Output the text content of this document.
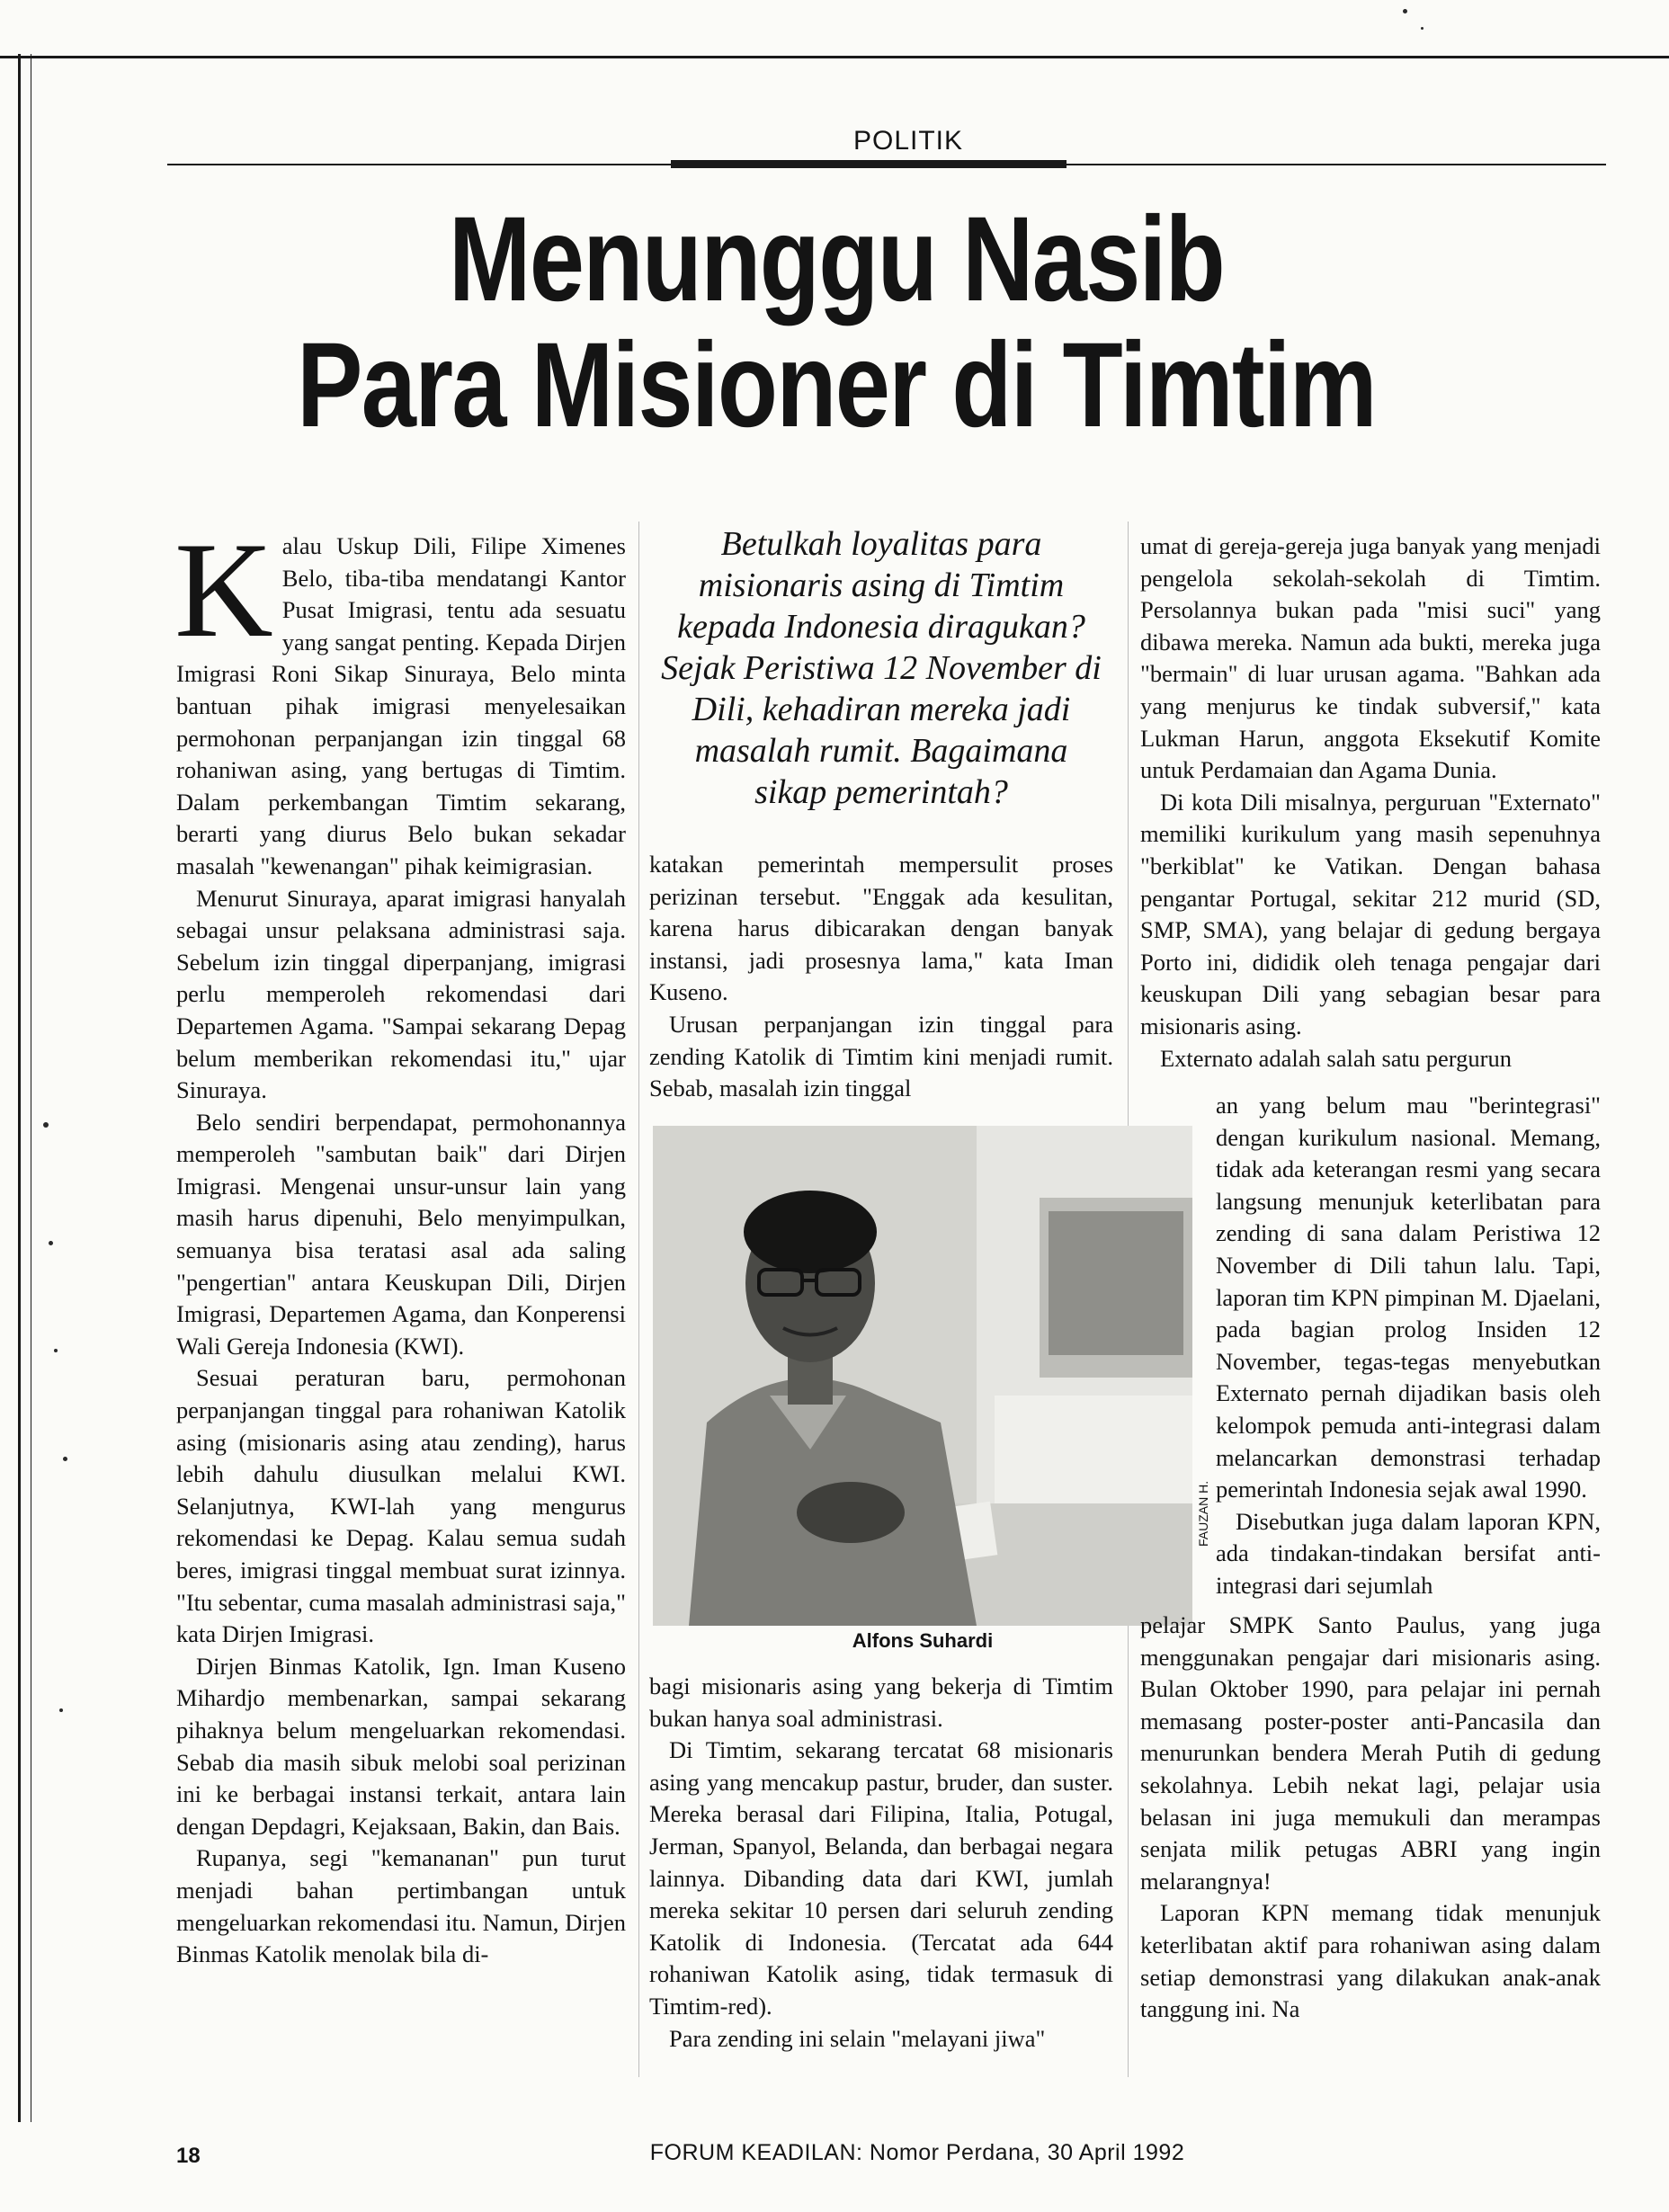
POLITIK
Menunggu Nasib
Para Misioner di Timtim
K alau Uskup Dili, Filipe Ximenes Belo, tiba-tiba mendatangi Kantor Pusat Imigrasi, tentu ada sesuatu yang sangat penting. Kepada Dirjen Imigrasi Roni Sikap Sinuraya, Belo minta bantuan pihak imigrasi menyelesaikan permohonan perpanjangan izin tinggal 68 rohaniwan asing, yang bertugas di Timtim. Dalam perkembangan Timtim sekarang, berarti yang diurus Belo bukan sekadar masalah "kewenangan" pihak keimigrasian.

Menurut Sinuraya, aparat imigrasi hanyalah sebagai unsur pelaksana administrasi saja. Sebelum izin tinggal diperpanjang, imigrasi perlu memperoleh rekomendasi dari Departemen Agama. "Sampai sekarang Depag belum memberikan rekomendasi itu," ujar Sinuraya.

Belo sendiri berpendapat, permohonannya memperoleh "sambutan baik" dari Dirjen Imigrasi. Mengenai unsur-unsur lain yang masih harus dipenuhi, Belo menyimpulkan, semuanya bisa teratasi asal ada saling "pengertian" antara Keuskupan Dili, Dirjen Imigrasi, Departemen Agama, dan Konperensi Wali Gereja Indonesia (KWI).

Sesuai peraturan baru, permohonan perpanjangan tinggal para rohaniwan Katolik asing (misionaris asing atau zending), harus lebih dahulu diusulkan melalui KWI. Selanjutnya, KWI-lah yang mengurus rekomendasi ke Depag. Kalau semua sudah beres, imigrasi tinggal membuat surat izinnya. "Itu sebentar, cuma masalah administrasi saja," kata Dirjen Imigrasi.

Dirjen Binmas Katolik, Ign. Iman Kuseno Mihardjo membenarkan, sampai sekarang pihaknya belum mengeluarkan rekomendasi. Sebab dia masih sibuk melobi soal perizinan ini ke berbagai instansi terkait, antara lain dengan Depdagri, Kejaksaan, Bakin, dan Bais.

Rupanya, segi "kemananan" pun turut menjadi bahan pertimbangan untuk mengeluarkan rekomendasi itu. Namun, Dirjen Binmas Katolik menolak bila di-

Betulkah loyalitas para misionaris asing di Timtim kepada Indonesia diragukan? Sejak Peristiwa 12 November di Dili, kehadiran mereka jadi masalah rumit. Bagaimana sikap pemerintah?

katakan pemerintah mempersulit proses perizinan tersebut. "Enggak ada kesulitan, karena harus dibicarakan dengan banyak instansi, jadi prosesnya lama," kata Iman Kuseno.

Urusan perpanjangan izin tinggal para zending Katolik di Timtim kini menjadi rumit. Sebab, masalah izin tinggal

FAUZAN H.
Alfons Suhardi

bagi misionaris asing yang bekerja di Timtim bukan hanya soal administrasi.

Di Timtim, sekarang tercatat 68 misionaris asing yang mencakup pastur, bruder, dan suster. Mereka berasal dari Filipina, Italia, Potugal, Jerman, Spanyol, Belanda, dan berbagai negara lainnya. Dibanding data dari KWI, jumlah mereka sekitar 10 persen dari seluruh zending Katolik di Indonesia. (Tercatat ada 644 rohaniwan Katolik asing, tidak termasuk di Timtim-red).

Para zending ini selain "melayani jiwa"

umat di gereja-gereja juga banyak yang menjadi pengelola sekolah-sekolah di Timtim. Persolannya bukan pada "misi suci" yang dibawa mereka. Namun ada bukti, mereka juga "bermain" di luar urusan agama. "Bahkan ada yang menjurus ke tindak subversif," kata Lukman Harun, anggota Eksekutif Komite untuk Perdamaian dan Agama Dunia.

Di kota Dili misalnya, perguruan "Externato" memiliki kurikulum yang masih sepenuhnya "berkiblat" ke Vatikan. Dengan bahasa pengantar Portugal, sekitar 212 murid (SD, SMP, SMA), yang belajar di gedung bergaya Porto ini, dididik oleh tenaga pengajar dari keuskupan Dili yang sebagian besar para misionaris asing.

Externato adalah salah satu pergurun

an yang belum mau "berintegrasi" dengan kurikulum nasional. Memang, tidak ada keterangan resmi yang secara langsung menunjuk keterlibatan para zending di sana dalam Peristiwa 12 November di Dili tahun lalu. Tapi, laporan tim KPN pimpinan M. Djaelani, pada bagian prolog Insiden 12 November, tegas-tegas menyebutkan Externato pernah dijadikan basis oleh kelompok pemuda anti-integrasi dalam melancarkan demonstrasi terhadap pemerintah Indonesia sejak awal 1990.

Disebutkan juga dalam laporan KPN, ada tindakan-tindakan bersifat anti-integrasi dari sejumlah

pelajar SMPK Santo Paulus, yang juga menggunakan pengajar dari misionaris asing. Bulan Oktober 1990, para pelajar ini pernah memasang poster-poster anti-Pancasila dan menurunkan bendera Merah Putih di gedung sekolahnya. Lebih nekat lagi, pelajar usia belasan ini juga memukuli dan merampas senjata milik petugas ABRI yang ingin melarangnya!

Laporan KPN memang tidak menunjuk keterlibatan aktif para rohaniwan asing dalam setiap demonstrasi yang dilakukan anak-anak tanggung ini. Na

18	FORUM KEADILAN: Nomor Perdana, 30 April 1992
